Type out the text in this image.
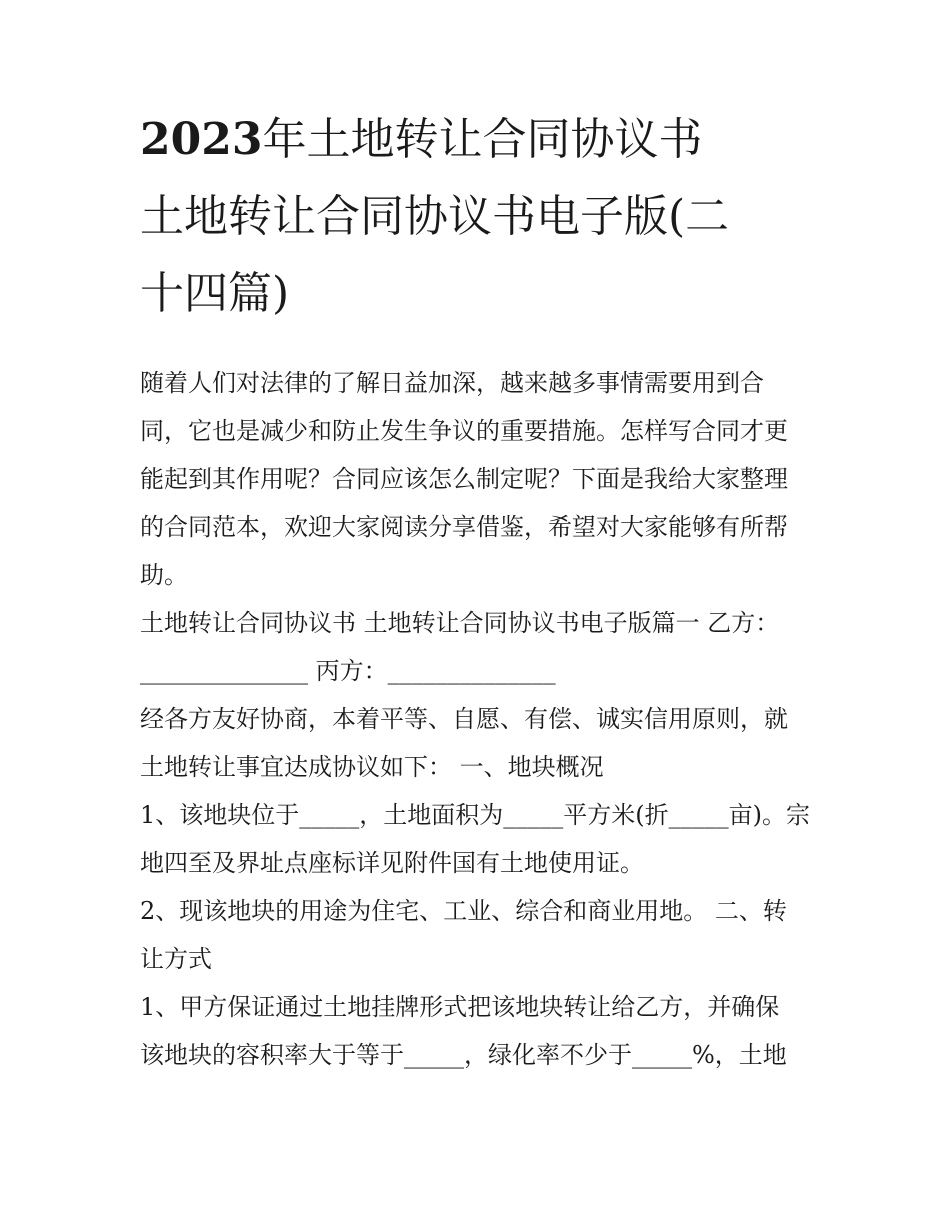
2023年土地转让合同协议书
土地转让合同协议书电子版(二
十四篇)

随着人们对法律的了解日益加深，越来越多事情需要用到合
同，它也是减少和防止发生争议的重要措施。怎样写合同才更
能起到其作用呢？合同应该怎么制定呢？下面是我给大家整理
的合同范本，欢迎大家阅读分享借鉴，希望对大家能够有所帮
助。

土地转让合同协议书 土地转让合同协议书电子版篇一 乙方：
______________ 丙方：______________

经各方友好协商，本着平等、自愿、有偿、诚实信用原则，就
土地转让事宜达成协议如下： 一、地块概况

1、该地块位于_____，土地面积为_____平方米(折_____亩)。宗
地四至及界址点座标详见附件国有土地使用证。

2、现该地块的用途为住宅、工业、综合和商业用地。 二、转
让方式

1、甲方保证通过土地挂牌形式把该地块转让给乙方，并确保
该地块的容积率大于等于_____，绿化率不少于_____%，土地
